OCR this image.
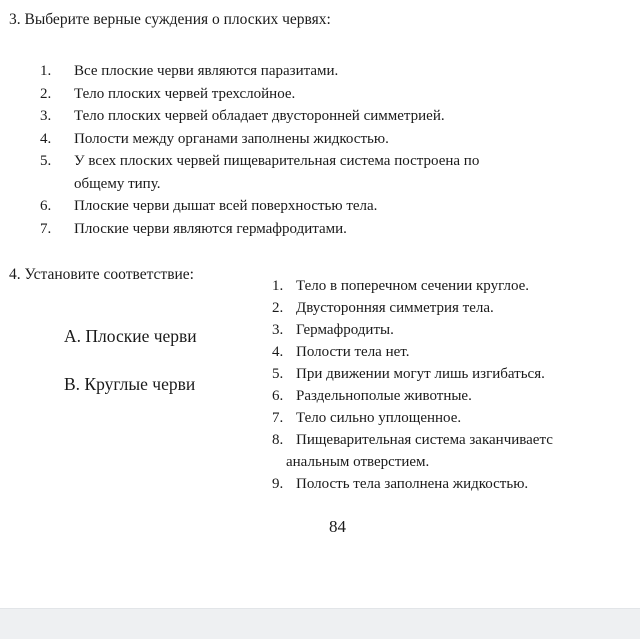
3. Выберите верные суждения о плоских червях:
1. Все плоские черви являются паразитами.
2. Тело плоских червей трехслойное.
3. Тело плоских червей обладает двусторонней симметрией.
4. Полости между органами заполнены жидкостью.
5. У всех плоских червей пищеварительная система построена по
общему типу.
6. Плоские черви дышат всей поверхностью тела.
7. Плоские черви являются гермафродитами.
4. Установите соответствие:
А. Плоские черви
В. Круглые черви
1. Тело в поперечном сечении круглое.
2. Двусторонняя симметрия тела.
3. Гермафродиты.
4. Полости тела нет.
5. При движении могут лишь изгибаться.
6. Раздельнополые животные.
7. Тело сильно уплощенное.
8. Пищеварительная система заканчиваетс
анальным отверстием.
9. Полость тела заполнена жидкостью.
84
